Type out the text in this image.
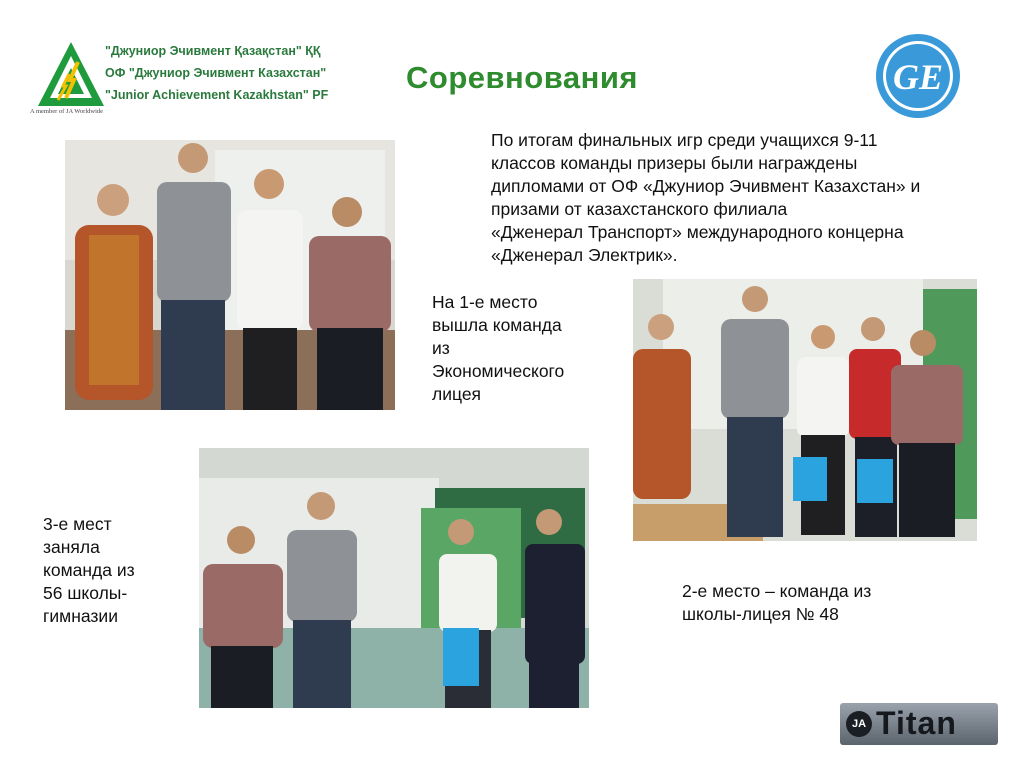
"Джуниор Эчивмент Қазақстан" ҚҚ
ОФ "Джуниор Эчивмент Казахстан"
"Junior Achievement Kazakhstan" PF
A member of JA Worldwide
Соревнования	GE
По итогам финальных игр среди учащихся 9-11
классов команды призеры были награждены
дипломами от ОФ «Джуниор Эчивмент Казахстан» и
призами от казахстанского филиала
«Дженерал Транспорт» международного концерна
«Дженерал Электрик».
На 1-е место
вышла команда
из
Экономического
лицея
3-е мест
заняла
команда из
56 школы-
гимназии
2-е место – команда из
школы-лицея № 48
JA Titan
